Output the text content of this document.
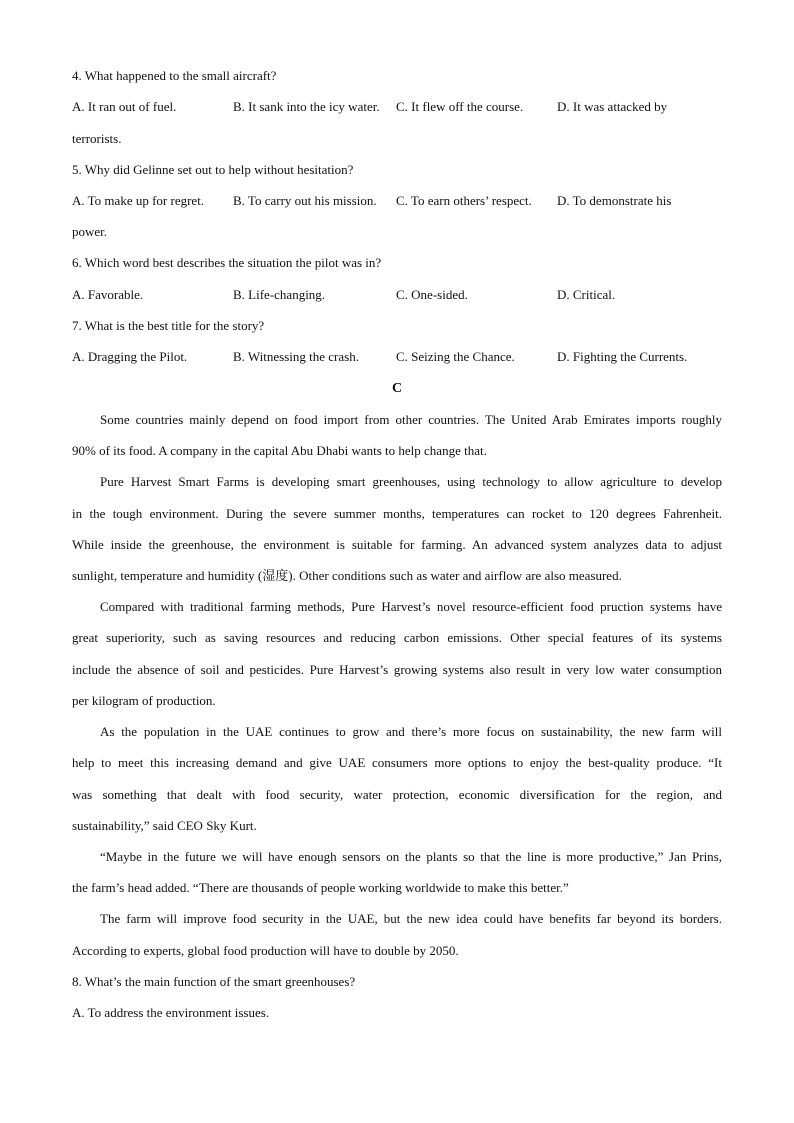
4. What happened to the small aircraft?
A. It ran out of fuel.	B. It sank into the icy water. C. It flew off the course.	D. It was attacked by
terrorists.
5. Why did Gelinne set out to help without hesitation?
A. To make up for regret. B. To carry out his mission. C. To earn others’ respect. D. To demonstrate his
power.
6. Which word best describes the situation the pilot was in?
A. Favorable.	B. Life-changing.	C. One-sided.	D. Critical.
7. What is the best title for the story?
A. Dragging the Pilot.	B. Witnessing the crash.	C. Seizing the Chance.	D. Fighting the Currents.
C
Some countries mainly depend on food import from other countries. The United Arab Emirates imports roughly
90% of its food. A company in the capital Abu Dhabi wants to help change that.
Pure Harvest Smart Farms is developing smart greenhouses, using technology to allow agriculture to develop
in the tough environment. During the severe summer months, temperatures can rocket to 120 degrees Fahrenheit.
While inside the greenhouse, the environment is suitable for farming. An advanced system analyzes data to adjust
sunlight, temperature and humidity (湿度). Other conditions such as water and airflow are also measured.
Compared with traditional farming methods, Pure Harvest’s novel resource-efficient food pruction systems have
great superiority, such as saving resources and reducing carbon emissions. Other special features of its systems
include the absence of soil and pesticides. Pure Harvest’s growing systems also result in very low water consumption
per kilogram of production.
As the population in the UAE continues to grow and there’s more focus on sustainability, the new farm will
help to meet this increasing demand and give UAE consumers more options to enjoy the best-quality produce. “It
was something that dealt with food security, water protection, economic diversification for the region, and
sustainability,” said CEO Sky Kurt.
“Maybe in the future we will have enough sensors on the plants so that the line is more productive,” Jan Prins,
the farm’s head added. “There are thousands of people working worldwide to make this better.”
The farm will improve food security in the UAE, but the new idea could have benefits far beyond its borders.
According to experts, global food production will have to double by 2050.
8. What’s the main function of the smart greenhouses?
A. To address the environment issues.
